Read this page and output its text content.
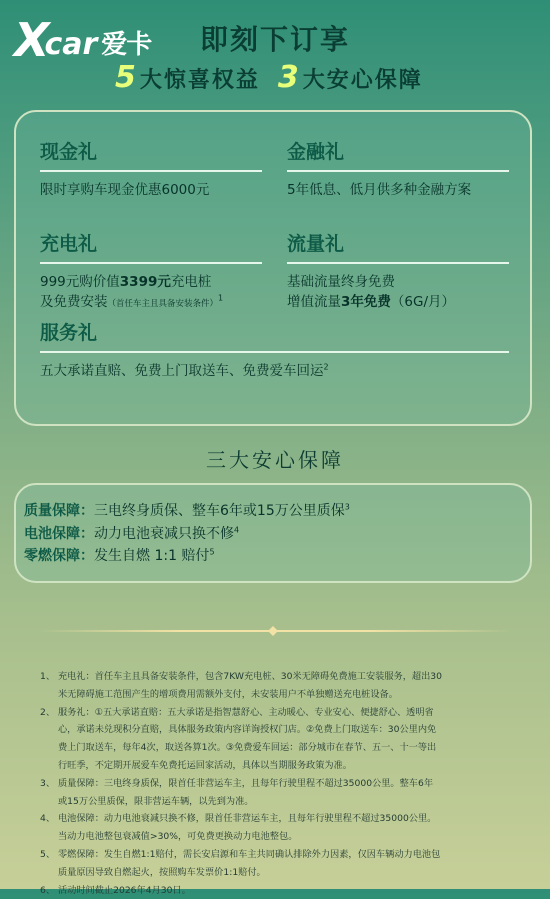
X
car 爱卡 即刻下订享
5大惊喜权益 3大安心保障
现金礼
限时享购车现金优惠6000元
金融礼
5年低息、低月供多种金融方案
充电礼
999元购价值3399元充电桩
及免费安装（首任车主且具备安装条件）$^1$
流量礼
基础流量终身免费
增值流量3年免费（6G/月）
服务礼
五大承诺直赔、免费上门取送车、免费爱车回运$^2$
三大安心保障
质量保障：三电终身质保、整车6年或15万公里质保$^3$
电池保障：动力电池衰减只换不修$^4$
零燃保障：发生自燃 1:1 赔付$^5$
1、 充电礼：首任车主且具备安装条件，包含7KW充电桩、30米无障碍免费施工安装服务，超出30
米无障碍施工范围产生的增项费用需额外支付，未安装用户不单独赠送充电桩设备。
2、 服务礼：①五大承诺直赔：五大承诺是指智慧舒心、主动暖心、专业安心、便捷舒心、透明省
心，承诺未兑现积分直赔，具体服务政策内容详询授权门店。②免费上门取送车：30公里内免
费上门取送车，每年4次，取送各算1次。③免费爱车回运：部分城市在春节、五一、十一等出
行旺季，不定期开展爱车免费托运回家活动，具体以当期服务政策为准。
3、 质量保障：三电终身质保，限首任非营运车主，且每年行驶里程不超过35000公里。整车6年
或15万公里质保，限非营运车辆，以先到为准。
4、 电池保障：动力电池衰减只换不修，限首任非营运车主，且每年行驶里程不超过35000公里。
当动力电池整包衰减值>30%，可免费更换动力电池整包。
5、 零燃保障：发生自燃1:1赔付，需长安启源和车主共同确认排除外力因素，仅因车辆动力电池包
质量原因导致自燃起火，按照购车发票价1:1赔付。
6、 活动时间截止2026年4月30日。
